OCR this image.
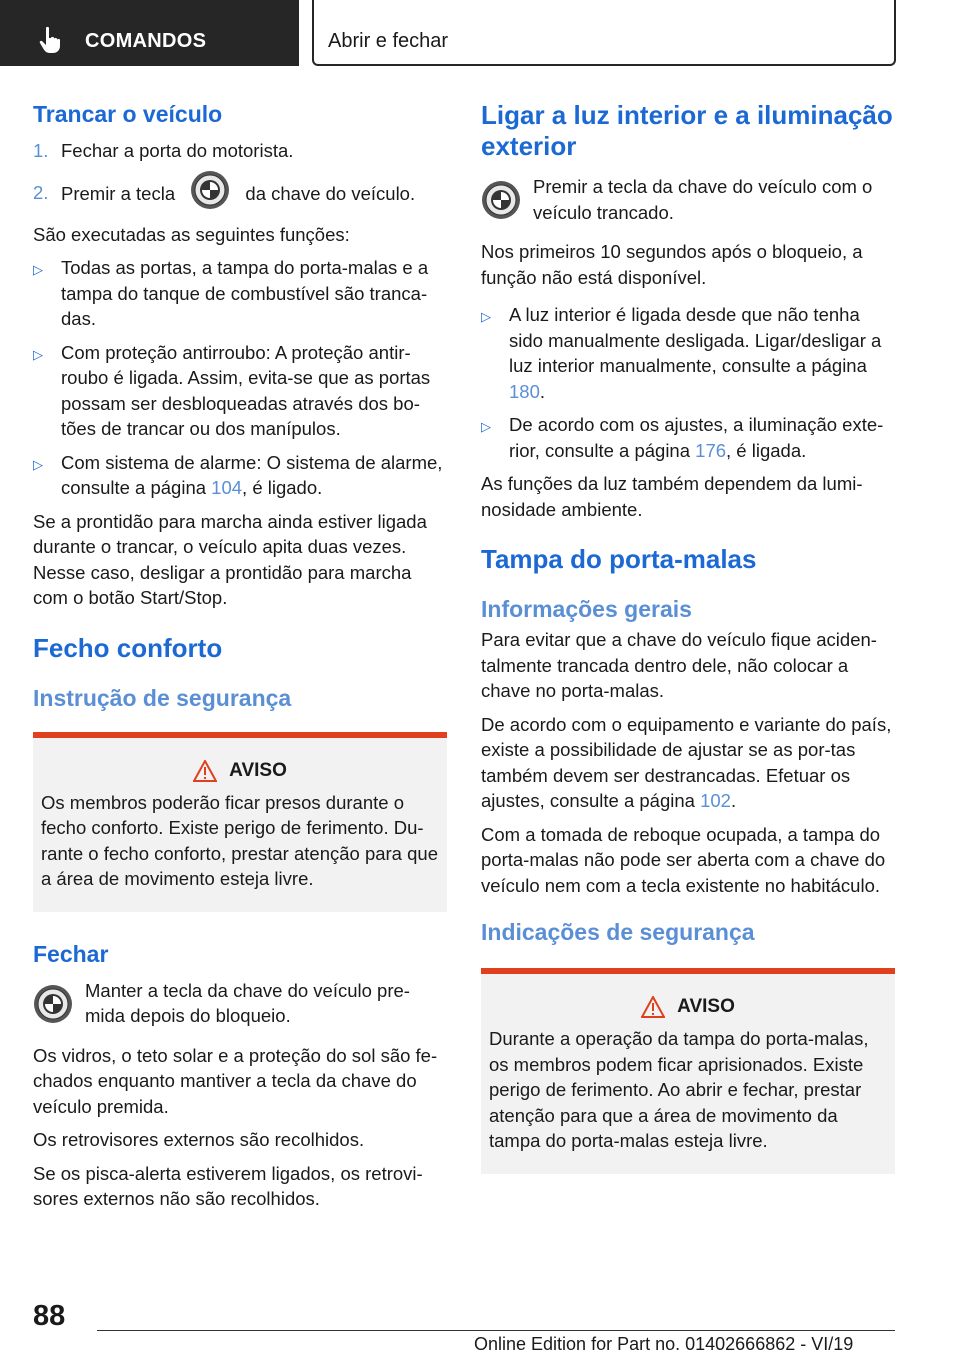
COMANDOS	Abrir e fechar
Trancar o veículo
1. Fechar a porta do motorista.
2. Premir a tecla	da chave do veículo.

São executadas as seguintes funções:

▷ Todas as portas, a tampa do porta-malas e a tampa do tanque de combustível são tranca-das.
▷ Com proteção antirroubo: A proteção antir-roubo é ligada. Assim, evita-se que as portas possam ser desbloqueadas através dos bo-tões de trancar ou dos manípulos.
▷ Com sistema de alarme: O sistema de alarme, consulte a página 104, é ligado.

Se a prontidão para marcha ainda estiver ligada durante o trancar, o veículo apita duas vezes. Nesse caso, desligar a prontidão para marcha com o botão Start/Stop.

Fecho conforto
Instrução de segurança
AVISO

Os membros poderão ficar presos durante o fecho conforto. Existe perigo de ferimento. Du-rante o fecho conforto, prestar atenção para que a área de movimento esteja livre.

Fechar

Manter a tecla da chave do veículo pre-mida depois do bloqueio.

Os vidros, o teto solar e a proteção do sol são fe-chados enquanto mantiver a tecla da chave do veículo premida.

Os retrovisores externos são recolhidos.

Se os pisca-alerta estiverem ligados, os retrovi-sores externos não são recolhidos.

Ligar a luz interior e a iluminação exterior

Premir a tecla da chave do veículo com o veículo trancado.

Nos primeiros 10 segundos após o bloqueio, a função não está disponível.

▷ A luz interior é ligada desde que não tenha sido manualmente desligada. Ligar/desligar a luz interior manualmente, consulte a página 180.
▷ De acordo com os ajustes, a iluminação exte-rior, consulte a página 176, é ligada.

As funções da luz também dependem da lumi-nosidade ambiente.

Tampa do porta-malas
Informações gerais

Para evitar que a chave do veículo fique aciden-talmente trancada dentro dele, não colocar a chave no porta-malas.

De acordo com o equipamento e variante do país, existe a possibilidade de ajustar se as por-tas também devem ser destrancadas. Efetuar os ajustes, consulte a página 102.

Com a tomada de reboque ocupada, a tampa do porta-malas não pode ser aberta com a chave do veículo nem com a tecla existente no habitáculo.

Indicações de segurança
AVISO

Durante a operação da tampa do porta-malas, os membros podem ficar aprisionados. Existe perigo de ferimento. Ao abrir e fechar, prestar atenção para que a área de movimento da tampa do porta-malas esteja livre.

88
Online Edition for Part no. 01402666862 - VI/19
